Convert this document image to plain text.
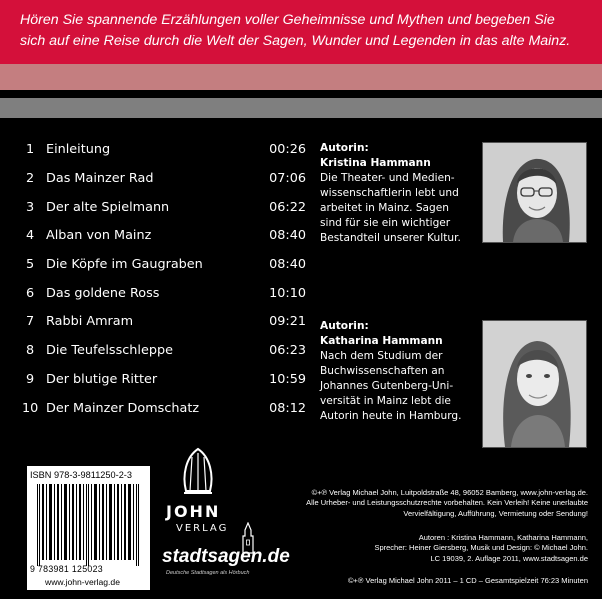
Hören Sie spannende Erzählungen voller Geheimnisse und Mythen und begeben Sie
sich auf eine Reise durch die Welt der Sagen, Wunder und Legenden in das alte Mainz.
1 Einleitung	00:26
2 Das Mainzer Rad	07:06
3 Der alte Spielmann	06:22
4 Alban von Mainz	08:40
5 Die Köpfe im Gaugraben	08:40
6 Das goldene Ross	10:10
7 Rabbi Amram	09:21
8 Die Teufelsschleppe	06:23
9 Der blutige Ritter	10:59
10 Der Mainzer Domschatz	08:12
Autorin:
Kristina Hammann
Die Theater- und Medien-
wissenschaftlerin lebt und
arbeitet in Mainz. Sagen
sind für sie ein wichtiger
Bestandteil unserer Kultur.
Autorin:
Katharina Hammann
Nach dem Studium der
Buchwissenschaften an
Johannes Gutenberg-Uni-
versität in Mainz lebt die
Autorin heute in Hamburg.
ISBN 978-3-9811250-2-3
9 783981 125023
www.john-verlag.de
JOHN
VERLAG
stadtsagen.de
Deutsche Stadtsagen als Hörbuch
©+℗ Verlag Michael John, Luitpoldstraße 48, 96052 Bamberg, www.john-verlag.de.
Alle Urheber- und Leistungsschutzrechte vorbehalten. Kein Verleih! Keine unerlaubte
Vervielfältigung, Aufführung, Vermietung oder Sendung!
Autoren : Kristina Hammann, Katharina Hammann,
Sprecher: Heiner Giersberg, Musik und Design: © Michael John.
LC 19039, 2. Auflage 2011, www.stadtsagen.de
©+℗ Verlag Michael John 2011 – 1 CD – Gesamtspielzeit 76:23 Minuten
